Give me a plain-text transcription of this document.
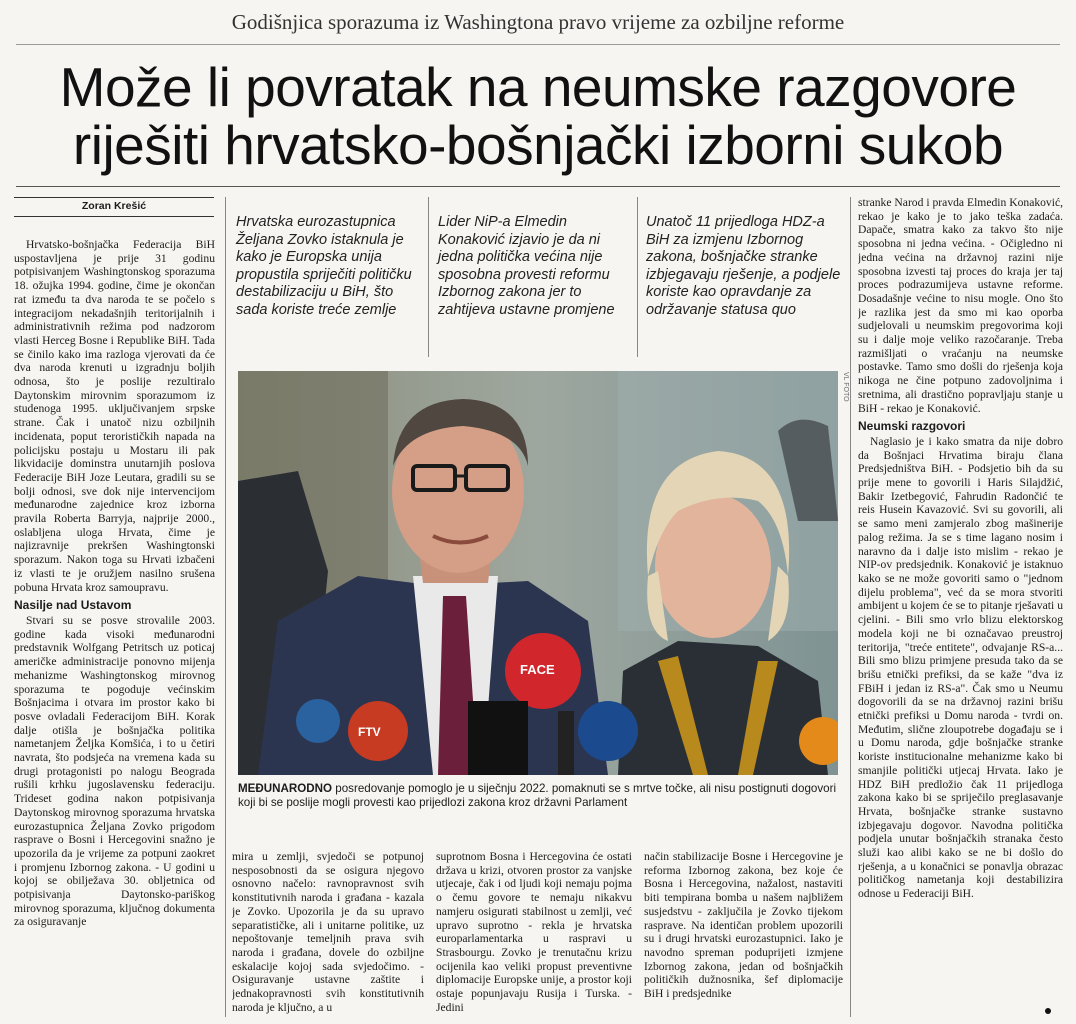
Godišnjica sporazuma iz Washingtona pravo vrijeme za ozbiljne reforme
Može li povratak na neumske razgovore
riješiti hrvatsko-bošnjački izborni sukob
Zoran Krešić

Hrvatsko-bošnjačka Federacija BiH uspostavljena je prije 31 godinu potpisivanjem Washingtonskog sporazuma 18. ožujka 1994. godine, čime je okončan rat između ta dva naroda te se počelo s integracijom nekadašnjih teritorijalnih i administrativnih režima pod nadzorom vlasti Herceg Bosne i Republike BiH. Tada se činilo kako ima razloga vjerovati da će dva naroda krenuti u izgradnju boljih odnosa, što je poslije rezultiralo Daytonskim mirovnim sporazumom iz studenoga 1995. uključivanjem srpske strane. Čak i unatoč nizu ozbiljnih incidenata, poput terorističkih napada na policijsku postaju u Mostaru ili pak likvidacije dominstra unutarnjih poslova Federacije BiH Joze Leutara, gradili su se bolji odnosi, sve dok nije intervencijom međunarodne zajednice kroz izborna pravila Roberta Barryja, najprije 2000., oslabljena uloga Hrvata, čime je najizravnije prekršen Washingtonski sporazum. Nakon toga su Hrvati izbačeni iz vlasti te je oružjem nasilno srušena pobuna Hrvata kroz samoupravu.

Nasilje nad Ustavom

Stvari su se posve strovalile 2003. godine kada visoki međunarodni predstavnik Wolfgang Petritsch uz poticaj američke administracije ponovno mijenja mehanizme Washingtonskog mirovnog sporazuma te pogoduje većinskim Bošnjacima i otvara im prostor kako bi posve ovladali Federacijom BiH. Korak dalje otišla je bošnjačka politika nametanjem Željka Komšića, i to u četiri navrata, što podsjeća na vremena kada su drugi protagonisti po nalogu Beograda rušili krhku jugoslavensku federaciju. Trideset godina nakon potpisivanja Daytonskog mirovnog sporazuma hrvatska eurozastupnica Željana Zovko prigodom rasprave o Bosni i Hercegovini snažno je upozorila da je vrijeme za potpuni zaokret i promjenu Izbornog zakona. - U godini u kojoj se obilježava 30. obljetnica od potpisivanja Daytonsko-pariškog mirovnog sporazuma, ključnog dokumenta za osiguravanje

Hrvatska eurozastupnica Željana Zovko istaknula je kako je Europska unija propustila spriječiti političku destabilizaciju u BiH, što sada koriste treće zemlje
Lider NiP-a Elmedin Konaković izjavio je da ni jedna politička većina nije sposobna provesti reformu Izbornog zakona jer to zahtijeva ustavne promjene
Unatoč 11 prijedloga HDZ-a BiH za izmjenu Izbornog zakona, bošnjačke stranke izbjegavaju rješenje, a podjele koriste kao opravdanje za održavanje statusa quo
FTV
FACE
VL FOTO
MEĐUNARODNO posredovanje pomoglo je u siječnju 2022. pomaknuti se s mrtve točke, ali nisu postignuti dogovori koji bi se poslije mogli provesti kao prijedlozi zakona kroz državni Parlament
mira u zemlji, svjedoči se potpunoj nesposobnosti da se osigura njegovo osnovno načelo: ravnopravnost svih konstitutivnih naroda i građana - kazala je Zovko. Upozorila je da su upravo separatističke, ali i unitarne politike, uz nepoštovanje temeljnih prava svih naroda i građana, dovele do ozbiljne eskalacije kojoj sada svjedočimo. - Osiguravanje ustavne zaštite i jednakopravnosti svih konstitutivnih naroda je ključno, a u
suprotnom Bosna i Hercegovina će ostati država u krizi, otvoren prostor za vanjske utjecaje, čak i od ljudi koji nemaju pojma o čemu govore te nemaju nikakvu namjeru osigurati stabilnost u zemlji, već upravo suprotno - rekla je hrvatska europarlamentarka u raspravi u Strasbourgu. Zovko je trenutačnu krizu ocijenila kao veliki propust preventivne diplomacije Europske unije, a prostor koji ostaje popunjavaju Rusija i Turska. - Jedini
način stabilizacije Bosne i Hercegovine je reforma Izbornog zakona, bez koje će Bosna i Hercegovina, nažalost, nastaviti biti tempirana bomba u našem najbližem susjedstvu - zaključila je Zovko tijekom rasprave. Na identičan problem upozorili su i drugi hrvatski eurozastupnici. Iako je navodno spreman poduprijeti izmjene Izbornog zakona, jedan od bošnjačkih političkih dužnosnika, šef diplomacije BiH i predsjednike

stranke Narod i pravda Elmedin Konaković, rekao je kako je to jako teška zadaća. Dapače, smatra kako za takvo što nije sposobna ni jedna većina. - Očigledno ni jedna većina na državnoj razini nije sposobna izvesti taj proces do kraja jer taj proces podrazumijeva ustavne reforme. Dosadašnje većine to nisu mogle. Ono što je razlika jest da smo mi kao oporba sudjelovali u neumskim pregovorima koji su i dalje moje veliko razočaranje. Treba razmišljati o vraćanju na neumske postavke. Tamo smo došli do rješenja koja nikoga ne čine potpuno zadovoljnima i sretnima, ali drastično popravljaju stanje u BiH - rekao je Konaković.

Neumski razgovori

Naglasio je i kako smatra da nije dobro da Bošnjaci Hrvatima biraju člana Predsjedništva BiH. - Podsjetio bih da su prije mene to govorili i Haris Silajdžić, Bakir Izetbegović, Fahrudin Radončić te reis Husein Kavazović. Svi su govorili, ali se samo meni zamjeralo zbog mašinerije palog režima. Ja se s time lagano nosim i naravno da i dalje isto mislim - rekao je NIP-ov predsjednik. Konaković je istaknuo kako se ne može govoriti samo o "jednom dijelu problema", već da se mora stvoriti ambijent u kojem će se to pitanje rješavati u cjelini. - Bili smo vrlo blizu elektorskog modela koji ne bi označavao preustroj teritorija, "treće entitete", odvajanje RS-a... Bili smo blizu primjene presuda tako da se brišu etnički prefiksi, da se kaže "dva iz FBiH i jedan iz RS-a". Čak smo u Neumu dogovorili da se na državnoj razini brišu etnički prefiksi u Domu naroda - tvrdi on. Međutim, slične zloupotrebe događaju se i u Domu naroda, gdje bošnjačke stranke koriste institucionalne mehanizme kako bi smanjile politički utjecaj Hrvata. Iako je HDZ BiH predložio čak 11 prijedloga zakona kako bi se spriječilo preglasavanje Hrvata, bošnjačke stranke sustavno izbjegavaju dogovor. Navodna politička podjela unutar bošnjačkih stranaka često služi kao alibi kako se ne bi došlo do rješenja, a u konačnici se ponavlja obrazac političkog nametanja koji destabilizira odnose u Federaciji BiH.
